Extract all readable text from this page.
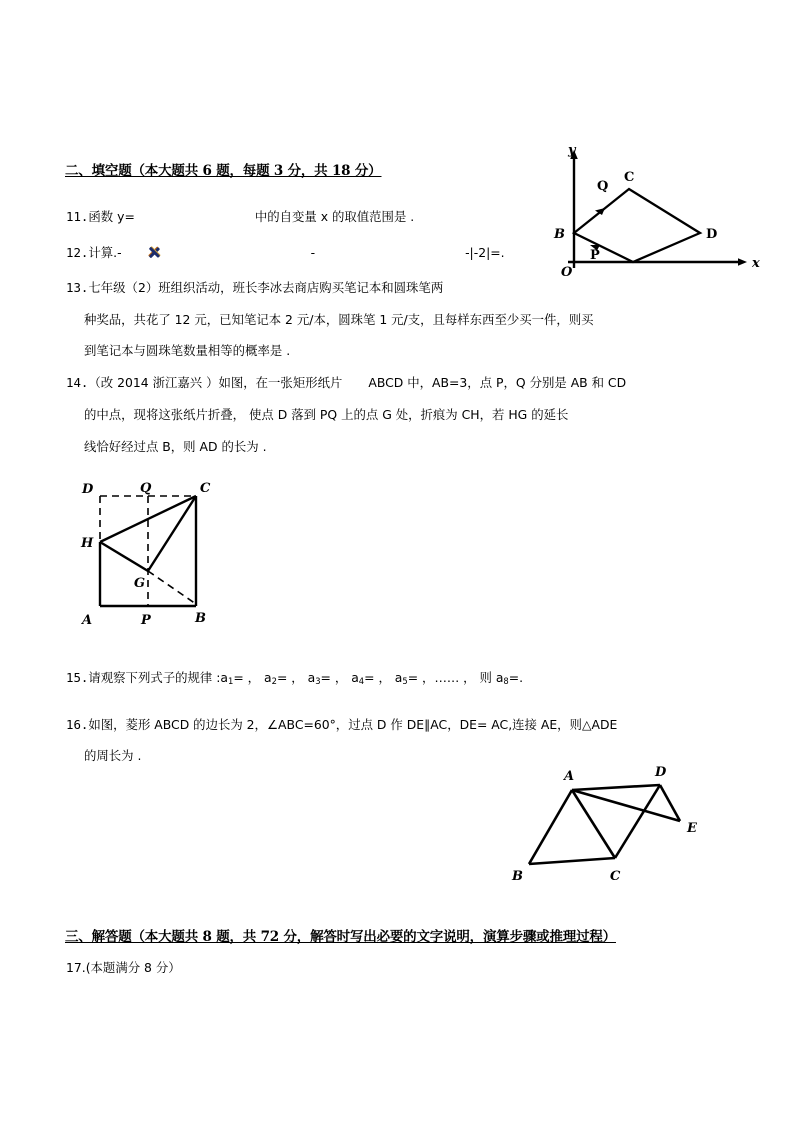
二、填空题（本大题共 6 题，每题 3 分，共 18 分）
11.函数 y=	中的自变量 x 的取值范围是 .
12.计算.-	-	-|-2|=.
13.七年级（2）班组织活动，班长李冰去商店购买笔记本和圆珠笔两
种奖品，共花了 12 元，已知笔记本 2 元/本，圆珠笔 1 元/支，且每样东西至少买一件，则买
到笔记本与圆珠笔数量相等的概率是 .
14.（改 2014 浙江嘉兴 ）如图，在一张矩形纸片 ABCD 中，AB=3，点 P，Q 分别是 AB 和 CD
的中点，现将这张纸片折叠， 使点 D 落到 PQ 上的点 G 处，折痕为 CH，若 HG 的延长
线恰好经过点 B，则 AD 的长为 .
15.请观察下列式子的规律 $:a_1=$ ， $a_2=$ ， $a_3=$ ， $a_4=$ ， $a_5=$ ，…… ， 则 $a_8=$.
16.如图，菱形 ABCD 的边长为 2，∠ABC=60°，过点 D 作 DE∥AC，DE= AC,连接 AE，则△ADE
的周长为 .
三、解答题（本大题共 8 题，共 72 分，解答时写出必要的文字说明，演算步骤或推理过程）
17.(本题满分 8 分）
B
C
D
Q
P
O
x
y
D	Q	C
H
G
A	P	B
A	D
E
B	C
